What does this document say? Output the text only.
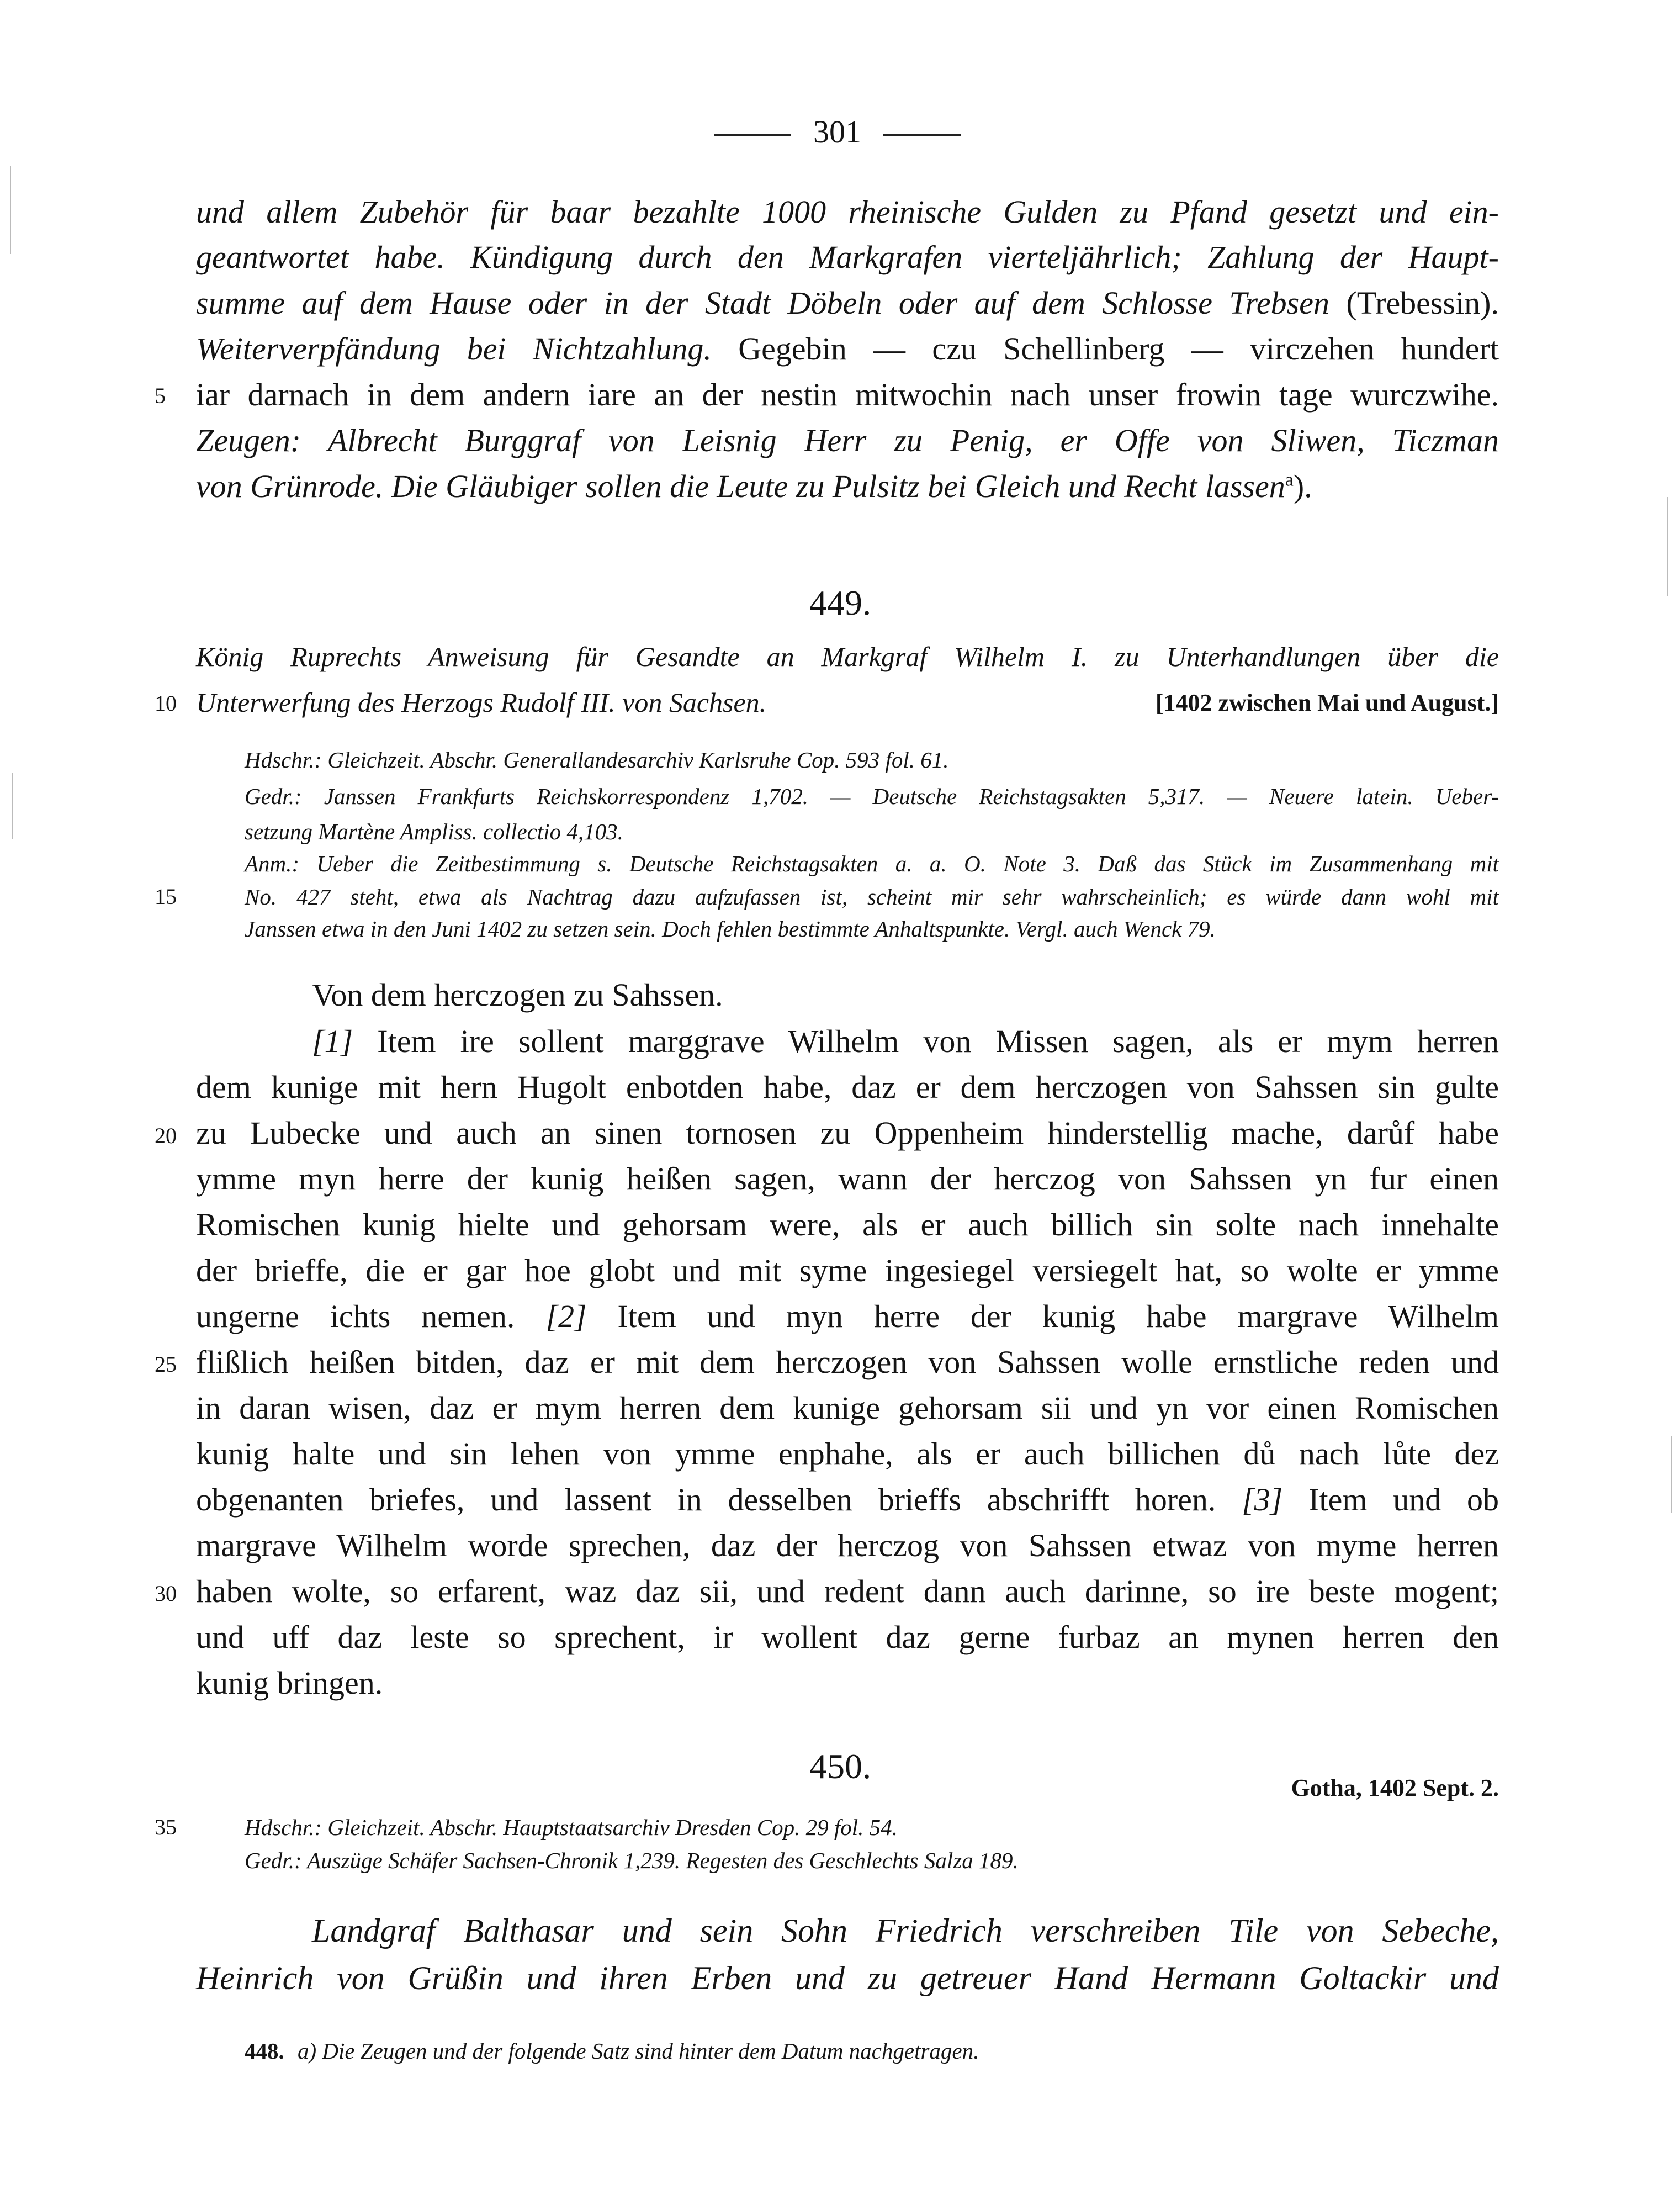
301
und allem Zubehör für baar bezahlte 1000 rheinische Gulden zu Pfand gesetzt und ein-
geantwortet habe. Kündigung durch den Markgrafen vierteljährlich; Zahlung der Haupt-
summe auf dem Hause oder in der Stadt Döbeln oder auf dem Schlosse Trebsen (Trebessin).
Weiterverpfändung bei Nichtzahlung. Gegebin — czu Schellinberg — virczehen hundert
iar darnach in dem andern iare an der nestin mitwochin nach unser frowin tage wurczwihe.
Zeugen: Albrecht Burggraf von Leisnig Herr zu Penig, er Offe von Sliwen, Ticzman
von Grünrode. Die Gläubiger sollen die Leute zu Pulsitz bei Gleich und Recht lassen$^a$).
5
10
15
20
25
30
35
449.
König Ruprechts Anweisung für Gesandte an Markgraf Wilhelm I. zu Unterhandlungen über die
Unterwerfung des Herzogs Rudolf III. von Sachsen.	[1402 zwischen Mai und August.]
Hdschr.: Gleichzeit. Abschr. Generallandesarchiv Karlsruhe Cop. 593 fol. 61.
Gedr.: Janssen Frankfurts Reichskorrespondenz 1,702. — Deutsche Reichstagsakten 5,317. — Neuere latein. Ueber-
setzung Martène Ampliss. collectio 4,103.
Anm.: Ueber die Zeitbestimmung s. Deutsche Reichstagsakten a. a. O. Note 3. Daß das Stück im Zusammenhang mit
No. 427 steht, etwa als Nachtrag dazu aufzufassen ist, scheint mir sehr wahrscheinlich; es würde dann wohl mit
Janssen etwa in den Juni 1402 zu setzen sein. Doch fehlen bestimmte Anhaltspunkte. Vergl. auch Wenck 79.
Von dem herczogen zu Sahssen.
[1] Item ire sollent marggrave Wilhelm von Missen sagen, als er mym herren
dem kunige mit hern Hugolt enbotden habe, daz er dem herczogen von Sahssen sin gulte
zu Lubecke und auch an sinen tornosen zu Oppenheim hinderstellig mache, darůf habe
ymme myn herre der kunig heißen sagen, wann der herczog von Sahssen yn fur einen
Romischen kunig hielte und gehorsam were, als er auch billich sin solte nach innehalte
der brieffe, die er gar hoe globt und mit syme ingesiegel versiegelt hat, so wolte er ymme
ungerne ichts nemen. [2] Item und myn herre der kunig habe margrave Wilhelm
flißlich heißen bitden, daz er mit dem herczogen von Sahssen wolle ernstliche reden und
in daran wisen, daz er mym herren dem kunige gehorsam sii und yn vor einen Romischen
kunig halte und sin lehen von ymme enphahe, als er auch billichen dů nach lůte dez
obgenanten briefes, und lassent in desselben brieffs abschrifft horen. [3] Item und ob
margrave Wilhelm worde sprechen, daz der herczog von Sahssen etwaz von myme herren
haben wolte, so erfarent, waz daz sii, und redent dann auch darinne, so ire beste mogent;
und uff daz leste so sprechent, ir wollent daz gerne furbaz an mynen herren den
kunig bringen.
450.
Gotha, 1402 Sept. 2.
Hdschr.: Gleichzeit. Abschr. Hauptstaatsarchiv Dresden Cop. 29 fol. 54.
Gedr.: Auszüge Schäfer Sachsen-Chronik 1,239. Regesten des Geschlechts Salza 189.
Landgraf Balthasar und sein Sohn Friedrich verschreiben Tile von Sebeche,
Heinrich von Grüßin und ihren Erben und zu getreuer Hand Hermann Goltackir und
448. a) Die Zeugen und der folgende Satz sind hinter dem Datum nachgetragen.
